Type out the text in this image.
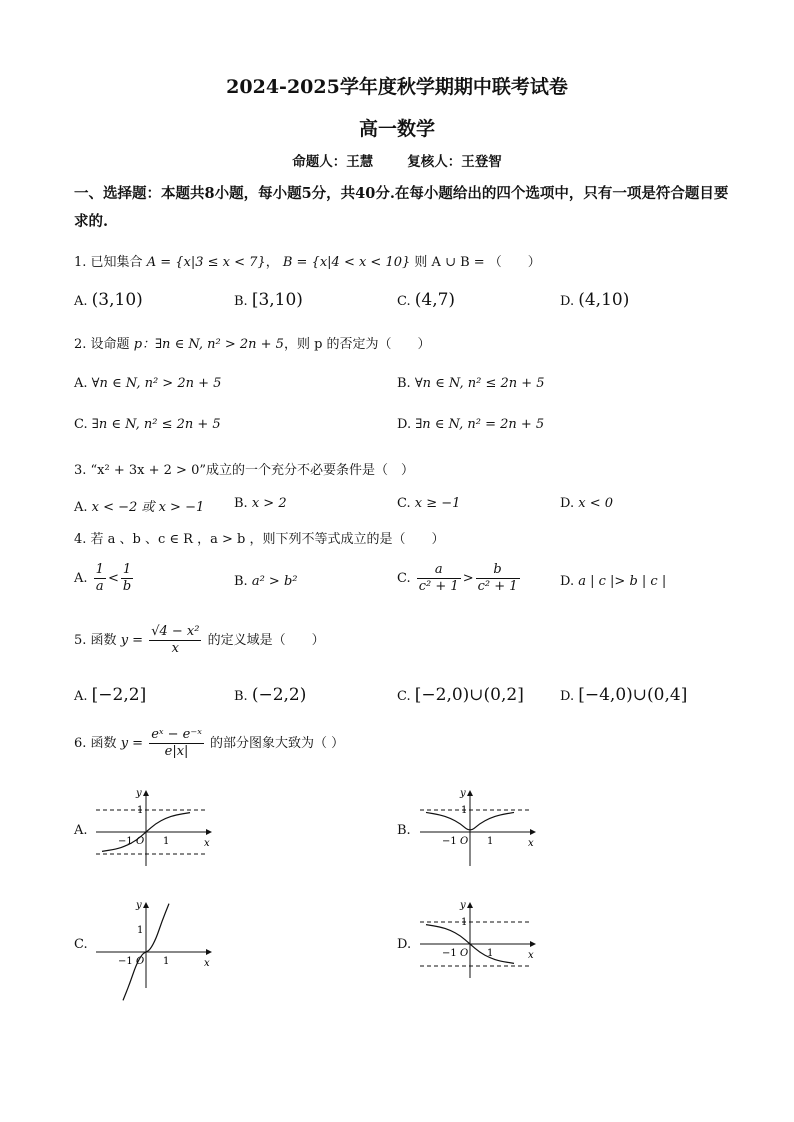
2024-2025学年度秋学期期中联考试卷
高一数学
命题人：王慧	复核人：王登智
一、选择题：本题共8小题，每小题5分，共40分.在每小题给出的四个选项中，只有一项是符合题目要求的.
1. 已知集合 A = {x|3 ≤ x < 7}， B = {x|4 < x < 10} 则 A ∪ B = （　　）
A. (3,10)	B. [3,10)	C. (4,7)	D. (4,10)
2. 设命题 p：∃n ∈ N, n² > 2n + 5，则 p 的否定为（　　）
A. ∀n ∈ N, n² > 2n + 5	B. ∀n ∈ N, n² ≤ 2n + 5
C. ∃n ∈ N, n² ≤ 2n + 5	D. ∃n ∈ N, n² = 2n + 5
3. “x² + 3x + 2 > 0”成立的一个充分不必要条件是（　）
A. x < −2 或 x > −1 B. x > 2	C. x ≥ −1	D. x < 0
4. 若 a 、b 、c ∈ R ，a > b ，则下列不等式成立的是（　　）
A. $\frac{1}{a} < \frac{1}{b}$	B. a² > b²	C. $\frac{a}{\text{c² + 1}} > \frac{b}{\text{c² + 1}}$	D. a | c |> b | c |
5. 函数 $y = \frac{\text{√4 − x²}}{x}$ 的定义域是（　　）
A. [−2,2]	B. (−2,2)	C. [−2,0)∪(0,2]	D. [−4,0)∪(0,4]
6. 函数 $y = \frac{\text{eˣ − e⁻ˣ}}{e|x|}$ 的部分图象大致为（ ）
A.	B.
C.	D.
y
x
O 1
−1
1
y
x
O 1
−1
1
y
x
O 1
−1
1
y
x
O 1
−1
1
